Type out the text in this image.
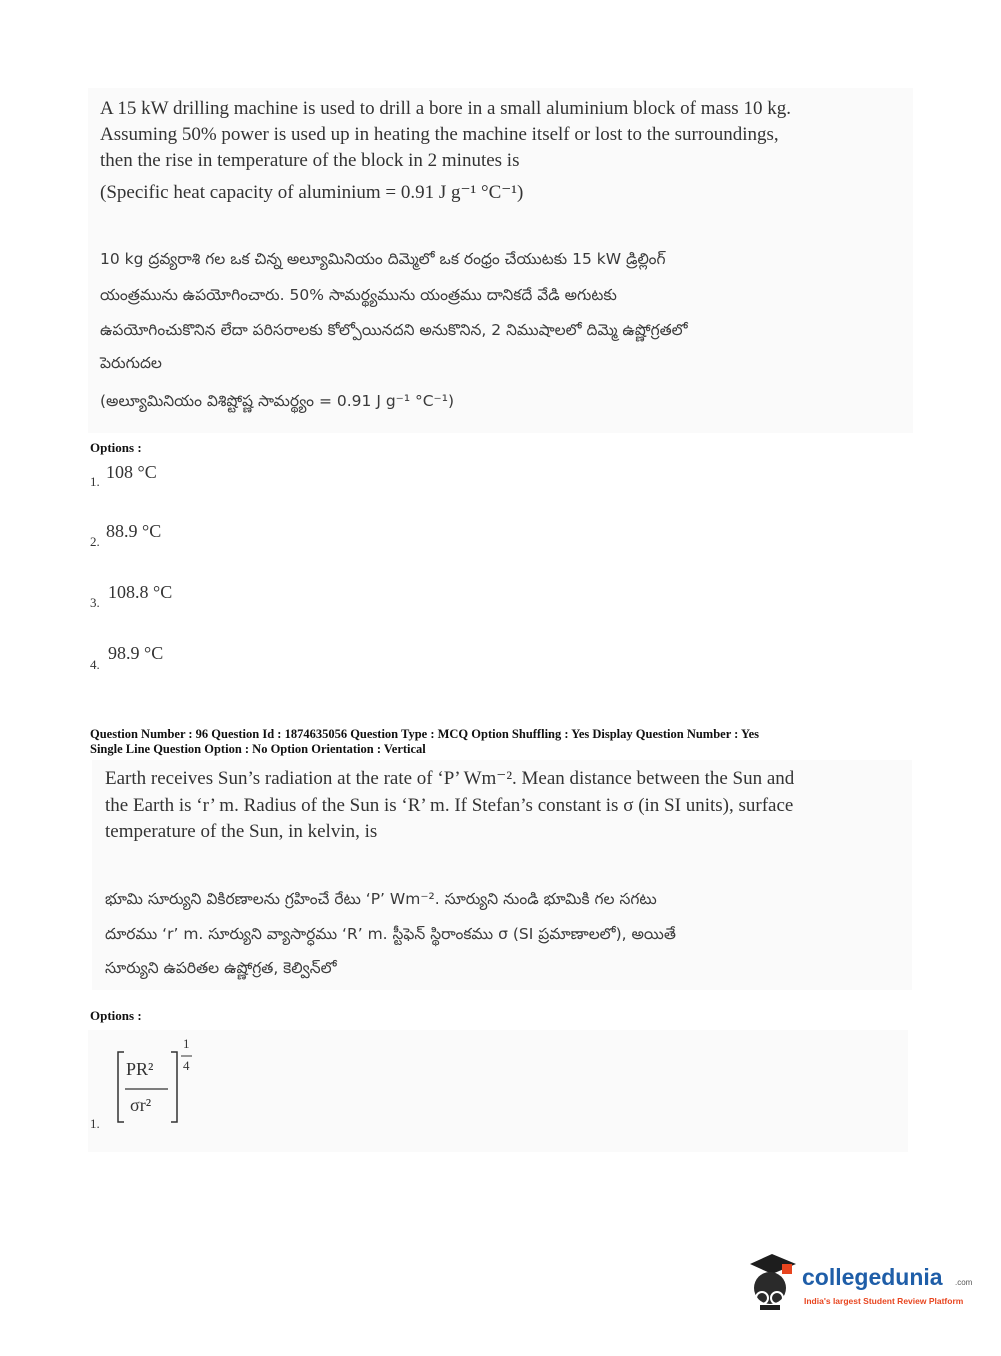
A 15 kW drilling machine is used to drill a bore in a small aluminium block of mass 10 kg.
Assuming 50% power is used up in heating the machine itself or lost to the surroundings,
then the rise in temperature of the block in 2 minutes is
(Specific heat capacity of aluminium = 0.91 J g⁻¹ °C⁻¹)
10 kg ద్రవ్యరాశి గల ఒక చిన్న అల్యూమినియం దిమ్మెలో ఒక రంధ్రం చేయుటకు 15 kW డ్రిల్లింగ్
యంత్రమును ఉపయోగించారు. 50% సామర్థ్యమును యంత్రము దానికదే వేడి అగుటకు
ఉపయోగించుకొనిన లేదా పరిసరాలకు కోల్పోయినదని అనుకొనిన, 2 నిముషాలలో దిమ్మె ఉష్ణోగ్రతలో
పెరుగుదల
(అల్యూమినియం విశిష్టోష్ణ సామర్థ్యం = 0.91 J g⁻¹ °C⁻¹)
Options :
1. 108 °C
2.
88.9 °C
3.
108.8 °C
4.
98.9 °C
Question Number : 96 Question Id : 1874635056 Question Type : MCQ Option Shuffling : Yes Display Question Number : Yes
Single Line Question Option : No Option Orientation : Vertical
Earth receives Sun’s radiation at the rate of ‘P’ Wm⁻². Mean distance between the Sun and
the Earth is ‘r’ m. Radius of the Sun is ‘R’ m. If Stefan’s constant is σ (in SI units), surface
temperature of the Sun, in kelvin, is
భూమి సూర్యుని వికిరణాలను గ్రహించే రేటు ‘P’ Wm⁻². సూర్యుని నుండి భూమికి గల సగటు
దూరము ‘r’ m. సూర్యుని వ్యాసార్ధము ‘R’ m. స్టీఫెన్ స్థిరాంకము σ (SI ప్రమాణాలలో), అయితే
సూర్యుని ఉపరితల ఉష్ణోగ్రత, కెల్విన్‌లో
Options :
1.
PR²
σr²
1
4
collegedunia .com
India's largest Student Review Platform
